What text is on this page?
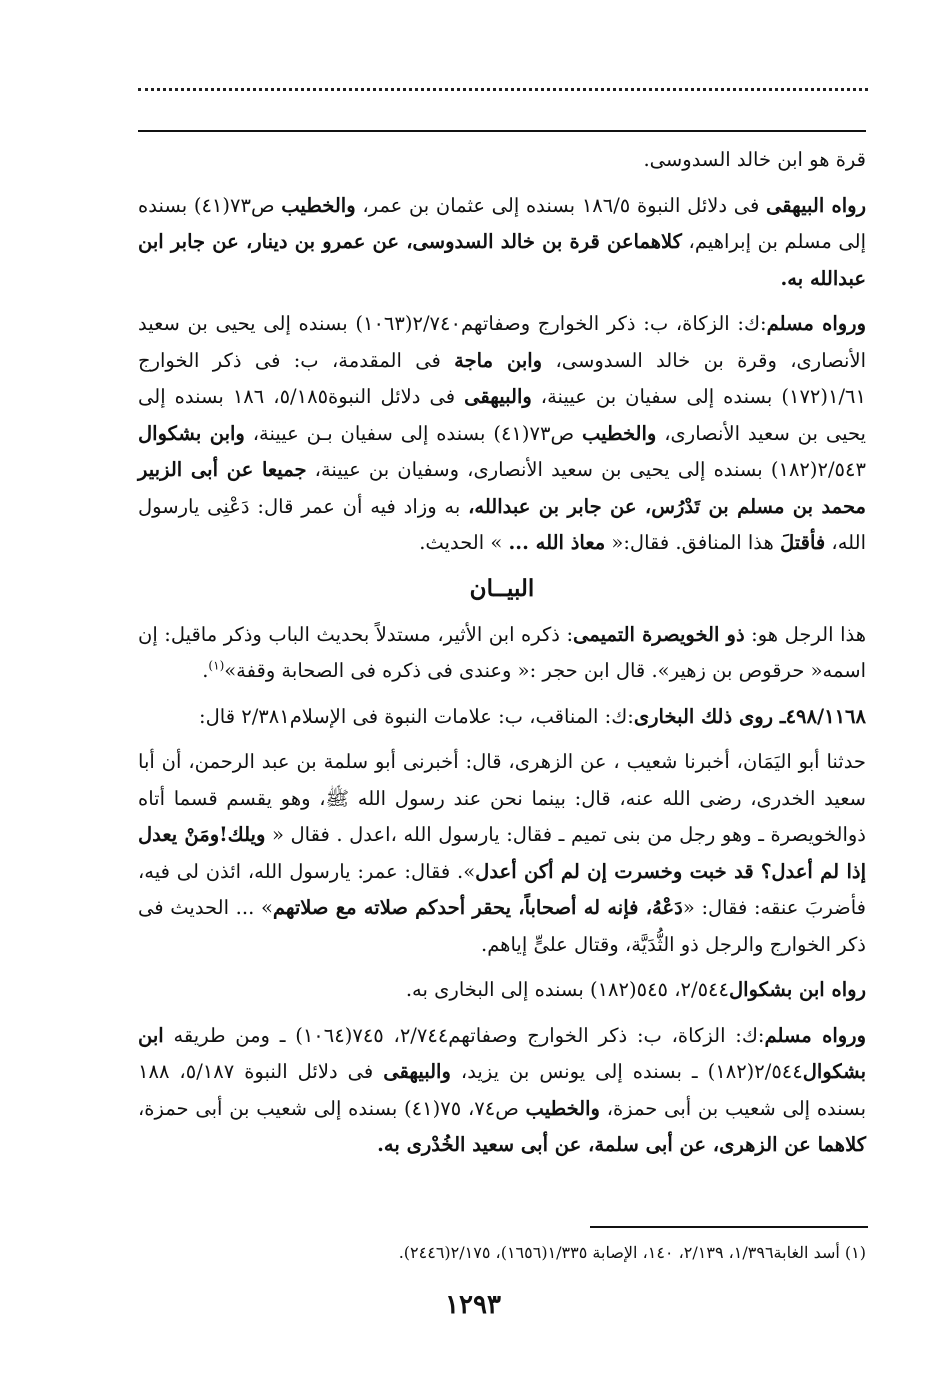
قرة هو ابن خالد السدوسى.

رواه البيهقى فى دلائل النبوة ١٨٦/٥ بسنده إلى عثمان بن عمر، والخطيب ص٧٣(٤١) بسنده إلى مسلم بن إبراهيم، كلاهماعن قرة بن خالد السدوسى، عن عمرو بن دينار، عن جابر ابن عبدالله به.

ورواه مسلم:ك: الزكاة، ب: ذكر الخوارج وصفاتهم٢/٧٤٠(١٠٦٣) بسنده إلى يحيى بن سعيد الأنصارى، وقرة بن خالد السدوسى، وابن ماجة فى المقدمة، ب: فى ذكر الخوارج ١/٦١(١٧٢) بسنده إلى سفيان بن عيينة، والبيهقى فى دلائل النبوة٥/١٨٥، ١٨٦ بسنده إلى يحيى بن سعيد الأنصارى، والخطيب ص٧٣(٤١) بسنده إلى سفيان بـن عيينة، وابن بشكوال ٢/٥٤٣(١٨٢) بسنده إلى يحيى بن سعيد الأنصارى، وسفيان بن عيينة، جميعا عن أبى الزبير محمد بن مسلم بن تَدْرُس، عن جابر بن عبدالله، به وزاد فيه أن عمر قال: دَعْنِى يارسول الله، فأقتلَ هذا المنافق. فقال:« معاذ الله ... » الحديث.

البيــان

هذا الرجل هو: ذو الخويصرة التميمى: ذكره ابن الأثير، مستدلاً بحديث الباب وذكر ماقيل: إن اسمه« حرقوص بن زهير». قال ابن حجر :« وعندى فى ذكره فى الصحابة وقفة»$^{(١)}$.

٤٩٨/١١٦٨ـ روى ذلك البخارى:ك: المناقب، ب: علامات النبوة فى الإسلام٢/٣٨١ قال:

حدثنا أبو اليَمَان، أخبرنا شعيب ، عن الزهرى، قال: أخبرنى أبو سلمة بن عبد الرحمن، أن أبا سعيد الخدرى، رضى الله عنه، قال: بينما نحن عند رسول الله ﷺ، وهو يقسم قسما أتاه ذوالخويصرة ـ وهو رجل من بنى تميم ـ فقال: يارسول الله ،اعدل . فقال « ويلك!ومَنْ يعدل إذا لم أعدل؟ قد خبت وخسرت إن لم أكن أعدل». فقال: عمر: يارسول الله، ائذن لى فيه، فأضربَ عنقه: فقال: «دَعْهُ، فإنه له أصحاباً، يحقر أحدكم صلاته مع صلاتهم» ... الحديث فى ذكر الخوارج والرجل ذو الثُّدَيَّة، وقتال علىٍّ إياهم.

رواه ابن بشكوال٢/٥٤٤، ٥٤٥(١٨٢) بسنده إلى البخارى به.

ورواه مسلم:ك: الزكاة، ب: ذكر الخوارج وصفاتهم٢/٧٤٤، ٧٤٥(١٠٦٤) ـ ومن طريقه ابن بشكوال٢/٥٤٤(١٨٢) ـ بسنده إلى يونس بن يزيد، والبيهقى فى دلائل النبوة ٥/١٨٧، ١٨٨ بسنده إلى شعيب بن أبى حمزة، والخطيب ص٧٤، ٧٥(٤١) بسنده إلى شعيب بن أبى حمزة، كلاهما عن الزهرى، عن أبى سلمة، عن أبى سعيد الخُدْرى به.

(١) أسد الغابة١/٣٩٦، ٢/١٣٩، ١٤٠، الإصابة ١/٣٣٥(١٦٥٦)، ٢/١٧٥(٢٤٤٦).
١٢٩٣
